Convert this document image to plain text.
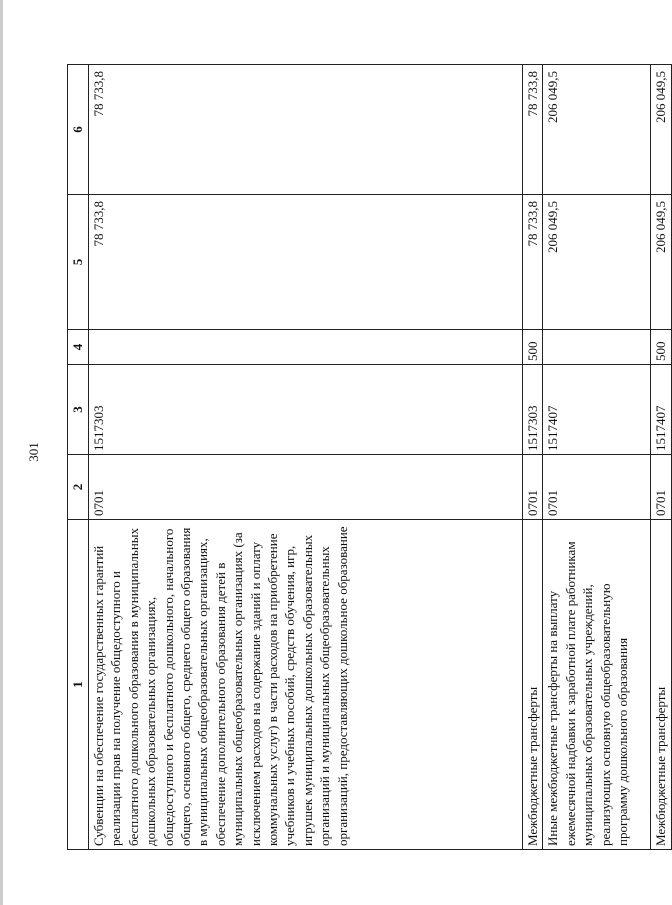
301
1	2	3	4	5	6
Субвенции на обеспечение государственных гарантий реализации прав на получение общедоступного и бесплатного дошкольного образования в муниципальных дошкольных образовательных организациях, общедоступного и бесплатного дошкольного, начального общего, основного общего, среднего общего образования в муниципальных общеобразовательных организациях, обеспечение дополнительного образования детей в муниципальных общеобразовательных организациях (за исключением расходов на содержание зданий и оплату коммунальных услуг) в части расходов на приобретение учебников и учебных пособий, средств обучения, игр, игрушек муниципальных дошкольных образовательных организаций и муниципальных общеобразовательных организаций, предоставляющих дошкольное образование	0701	1517303		78 733,8	78 733,8
Межбюджетные трансферты	0701	1517303	500	78 733,8	78 733,8
Иные межбюджетные трансферты на выплату ежемесячной надбавки к заработной плате работникам муниципальных образовательных учреждений, реализующих основную общеобразовательную программу дошкольного образования	0701	1517407		206 049,5	206 049,5
Межбюджетные трансферты	0701	1517407	500	206 049,5	206 049,5
